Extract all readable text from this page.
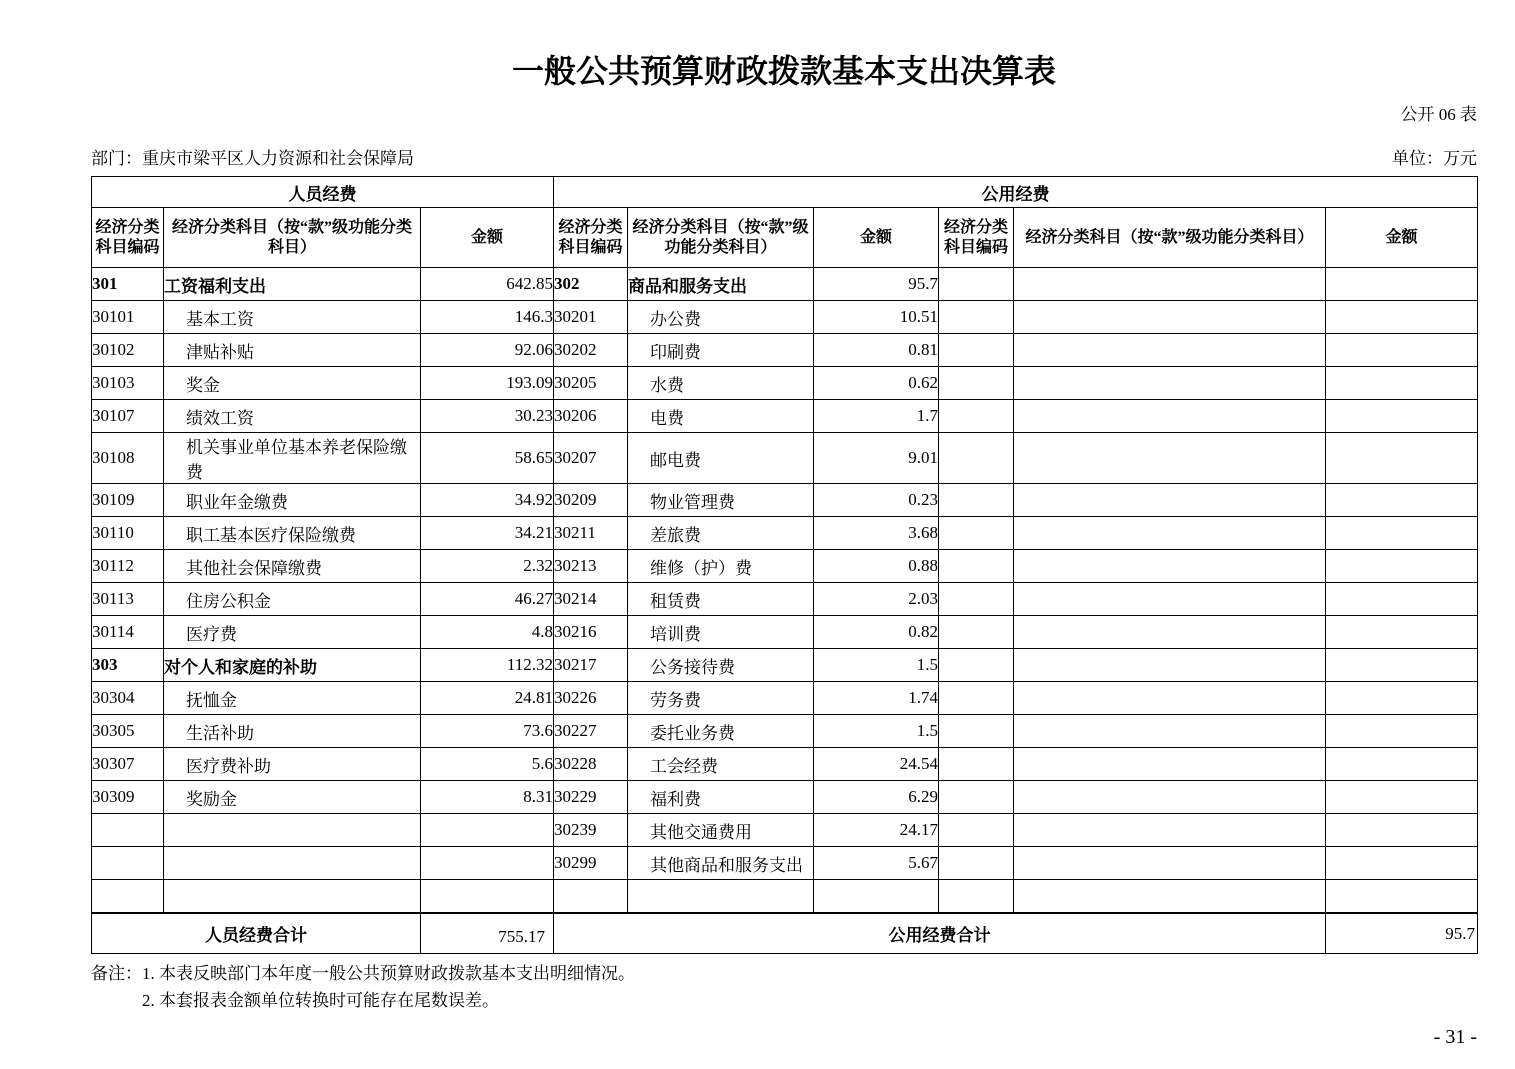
一般公共预算财政拨款基本支出决算表
公开 06 表
部门：重庆市梁平区人力资源和社会保障局	单位：万元
人员经费			公用经费					
经济分类科目编码	经济分类科目（按“款”级功能分类科目）	金额	经济分类科目编码	经济分类科目（按“款”级功能分类科目）	金额	经济分类科目编码	经济分类科目（按“款”级功能分类科目）	金额
301	工资福利支出	642.85	302	商品和服务支出	95.7			
30101	基本工资	146.3	30201	办公费	10.51			
30102	津贴补贴	92.06	30202	印刷费	0.81			
30103	奖金	193.09	30205	水费	0.62			
30107	绩效工资	30.23	30206	电费	1.7			
30108	机关事业单位基本养老保险缴费	58.65	30207	邮电费	9.01			
30109	职业年金缴费	34.92	30209	物业管理费	0.23			
30110	职工基本医疗保险缴费	34.21	30211	差旅费	3.68			
30112	其他社会保障缴费	2.32	30213	维修（护）费	0.88			
30113	住房公积金	46.27	30214	租赁费	2.03			
30114	医疗费	4.8	30216	培训费	0.82			
303	对个人和家庭的补助	112.32	30217	公务接待费	1.5			
30304	抚恤金	24.81	30226	劳务费	1.74			
30305	生活补助	73.6	30227	委托业务费	1.5			
30307	医疗费补助	5.6	30228	工会经费	24.54			
30309	奖励金	8.31	30229	福利费	6.29			
			30239	其他交通费用	24.17			
			30299	其他商品和服务支出	5.67			

人员经费合计		755.17	公用经费合计					95.7
备注： 1. 本表反映部门本年度一般公共预算财政拨款基本支出明细情况。
2. 本套报表金额单位转换时可能存在尾数误差。
- 31 -
